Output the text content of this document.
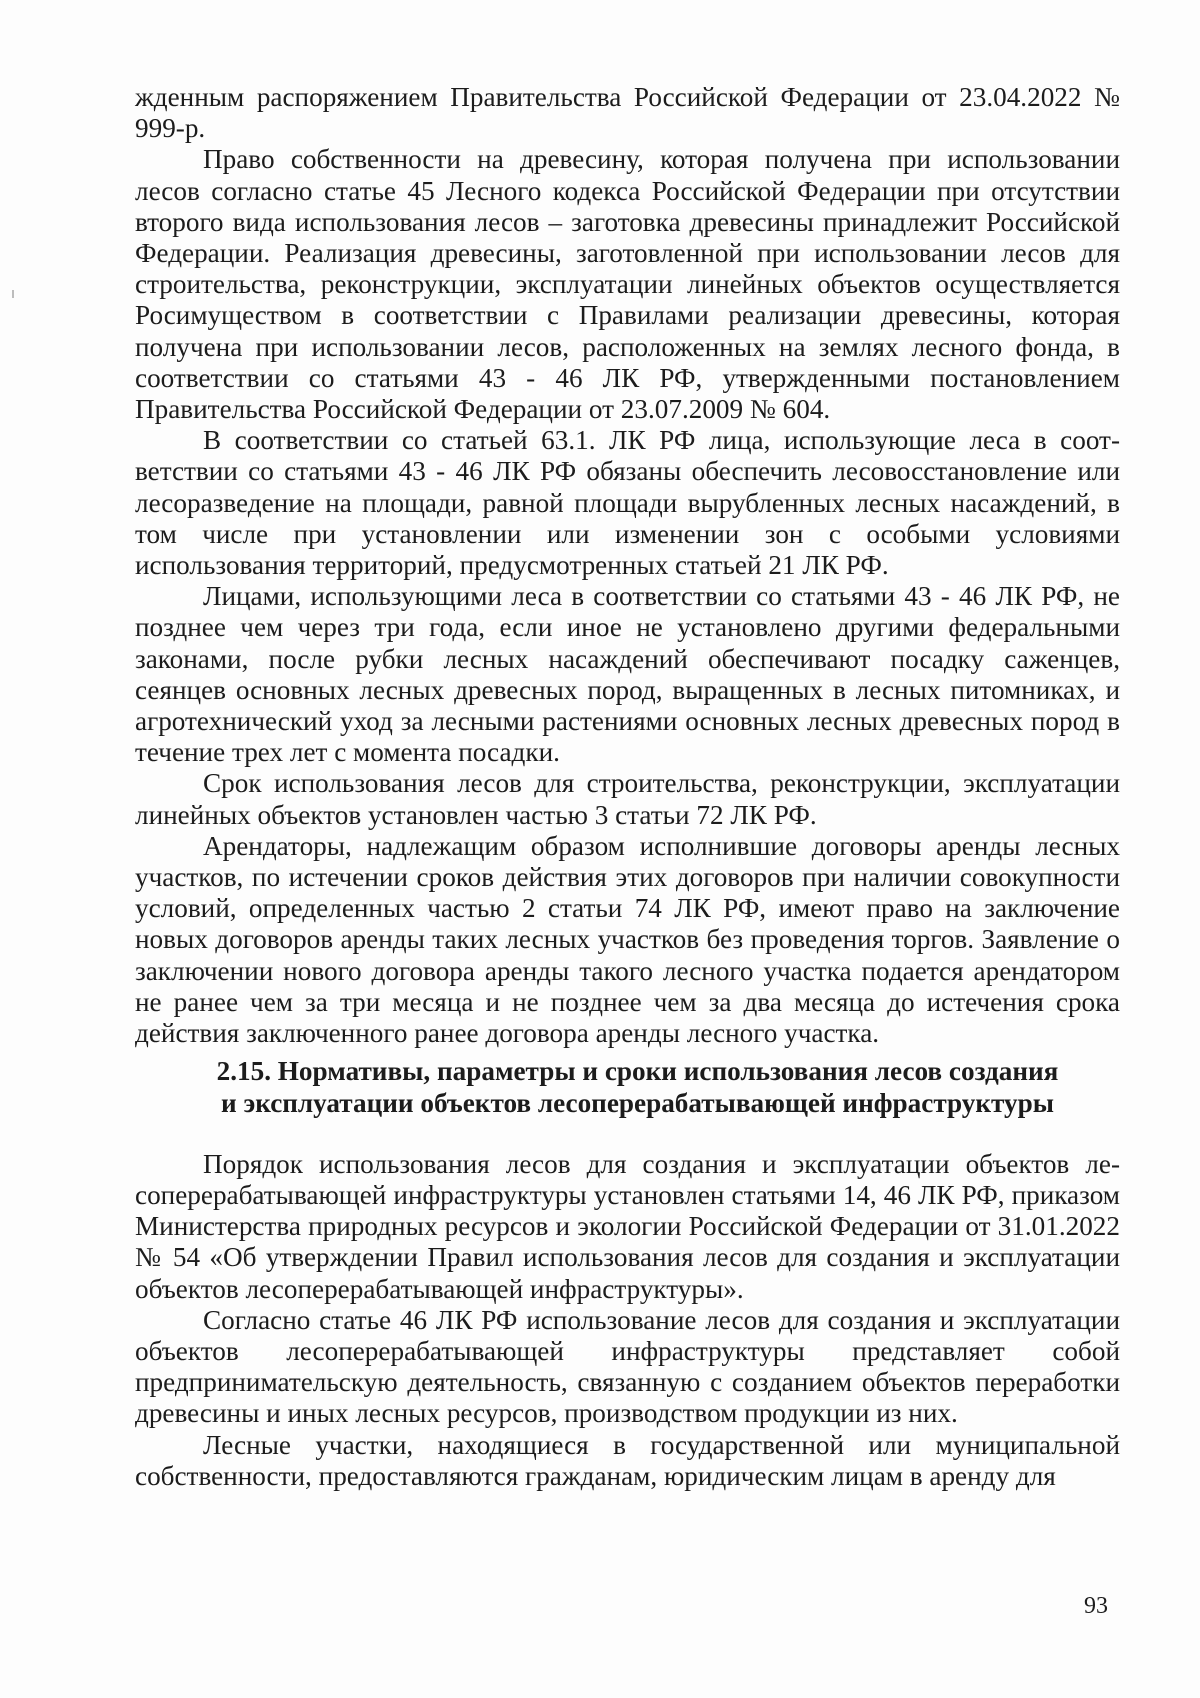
жденным распоряжением Правительства Российской Федерации от 23.04.2022 № 999-р.

Право собственности на древесину, которая получена при использовании лесов согласно статье 45 Лесного кодекса Российской Федерации при отсутствии второго вида использования лесов – заготовка древесины принадлежит Российской Федерации. Реализация древесины, заготовленной при использовании лесов для строительства, реконструкции, эксплуатации линейных объектов осуществляется Росимуществом в соответствии с Правилами реализации древесины, которая получена при использовании лесов, расположенных на землях лесного фонда, в соответствии со статьями 43 - 46 ЛК РФ, утвержденными постановлением Правительства Российской Федерации от 23.07.2009 № 604.

В соответствии со статьей 63.1. ЛК РФ лица, использующие леса в соответствии со статьями 43 - 46 ЛК РФ обязаны обеспечить лесовосстановление или лесоразведение на площади, равной площади вырубленных лесных насаждений, в том числе при установлении или изменении зон с особыми условиями использования территорий, предусмотренных статьей 21 ЛК РФ.

Лицами, использующими леса в соответствии со статьями 43 - 46 ЛК РФ, не позднее чем через три года, если иное не установлено другими федеральными законами, после рубки лесных насаждений обеспечивают посадку саженцев, сеянцев основных лесных древесных пород, выращенных в лесных питомниках, и агротехнический уход за лесными растениями основных лесных древесных пород в течение трех лет с момента посадки.

Срок использования лесов для строительства, реконструкции, эксплуатации линейных объектов установлен частью 3 статьи 72 ЛК РФ.

Арендаторы, надлежащим образом исполнившие договоры аренды лесных участков, по истечении сроков действия этих договоров при наличии совокупности условий, определенных частью 2 статьи 74 ЛК РФ, имеют право на заключение новых договоров аренды таких лесных участков без проведения торгов. Заявление о заключении нового договора аренды такого лесного участка подается арендатором не ранее чем за три месяца и не позднее чем за два месяца до истечения срока действия заключенного ранее договора аренды лесного участка.

2.15. Нормативы, параметры и сроки использования лесов создания
и эксплуатации объектов лесоперерабатывающей инфраструктуры

Порядок использования лесов для создания и эксплуатации объектов лесоперерабатывающей инфраструктуры установлен статьями 14, 46 ЛК РФ, приказом Министерства природных ресурсов и экологии Российской Федерации от 31.01.2022 № 54 «Об утверждении Правил использования лесов для создания и эксплуатации объектов лесоперерабатывающей инфраструктуры».

Согласно статье 46 ЛК РФ использование лесов для создания и эксплуатации объектов лесоперерабатывающей инфраструктуры представляет собой предпринимательскую деятельность, связанную с созданием объектов переработки древесины и иных лесных ресурсов, производством продукции из них.

Лесные участки, находящиеся в государственной или муниципальной собственности, предоставляются гражданам, юридическим лицам в аренду для

93
